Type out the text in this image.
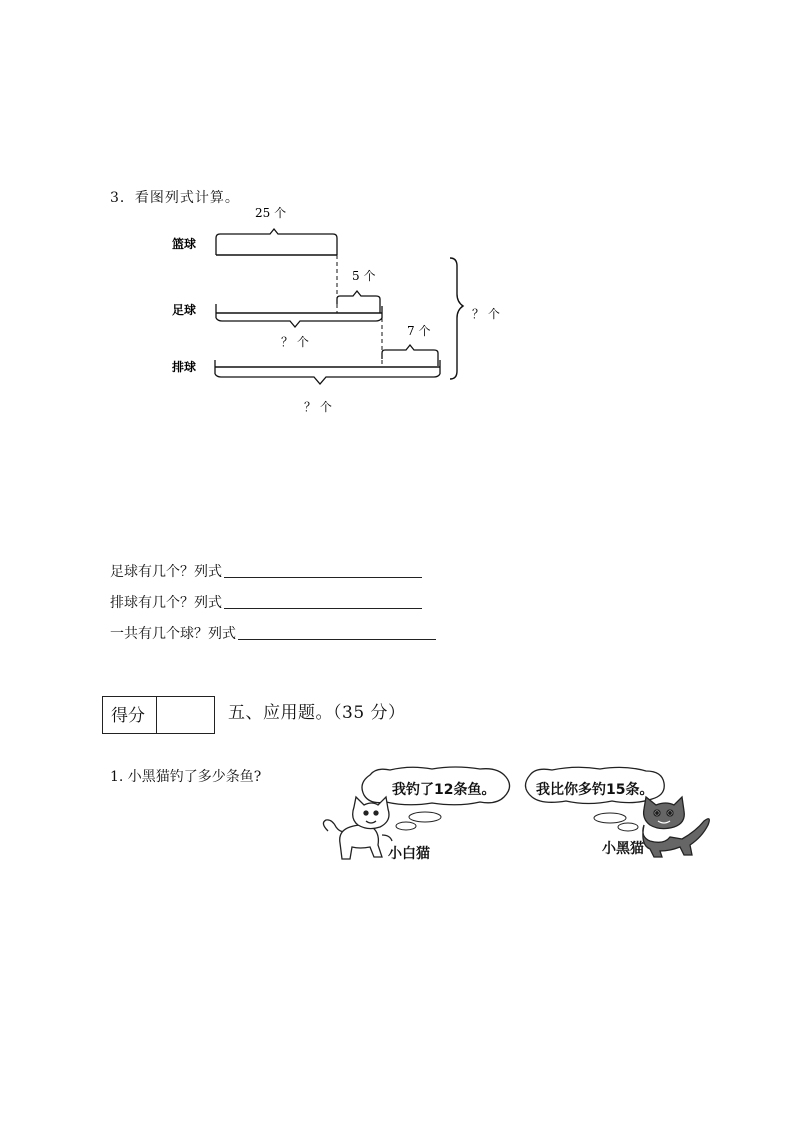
3．看图列式计算。
25 个
篮球
5 个
足球
？ 个
7 个
排球
？ 个
？ 个
足球有几个？列式
排球有几个？列式
一共有几个球？列式
得分	五、应用题。（35 分）
1. 小黑猫钓了多少条鱼?
我钓了12条鱼。	我比你多钓15条。
小白猫	小黑猫
